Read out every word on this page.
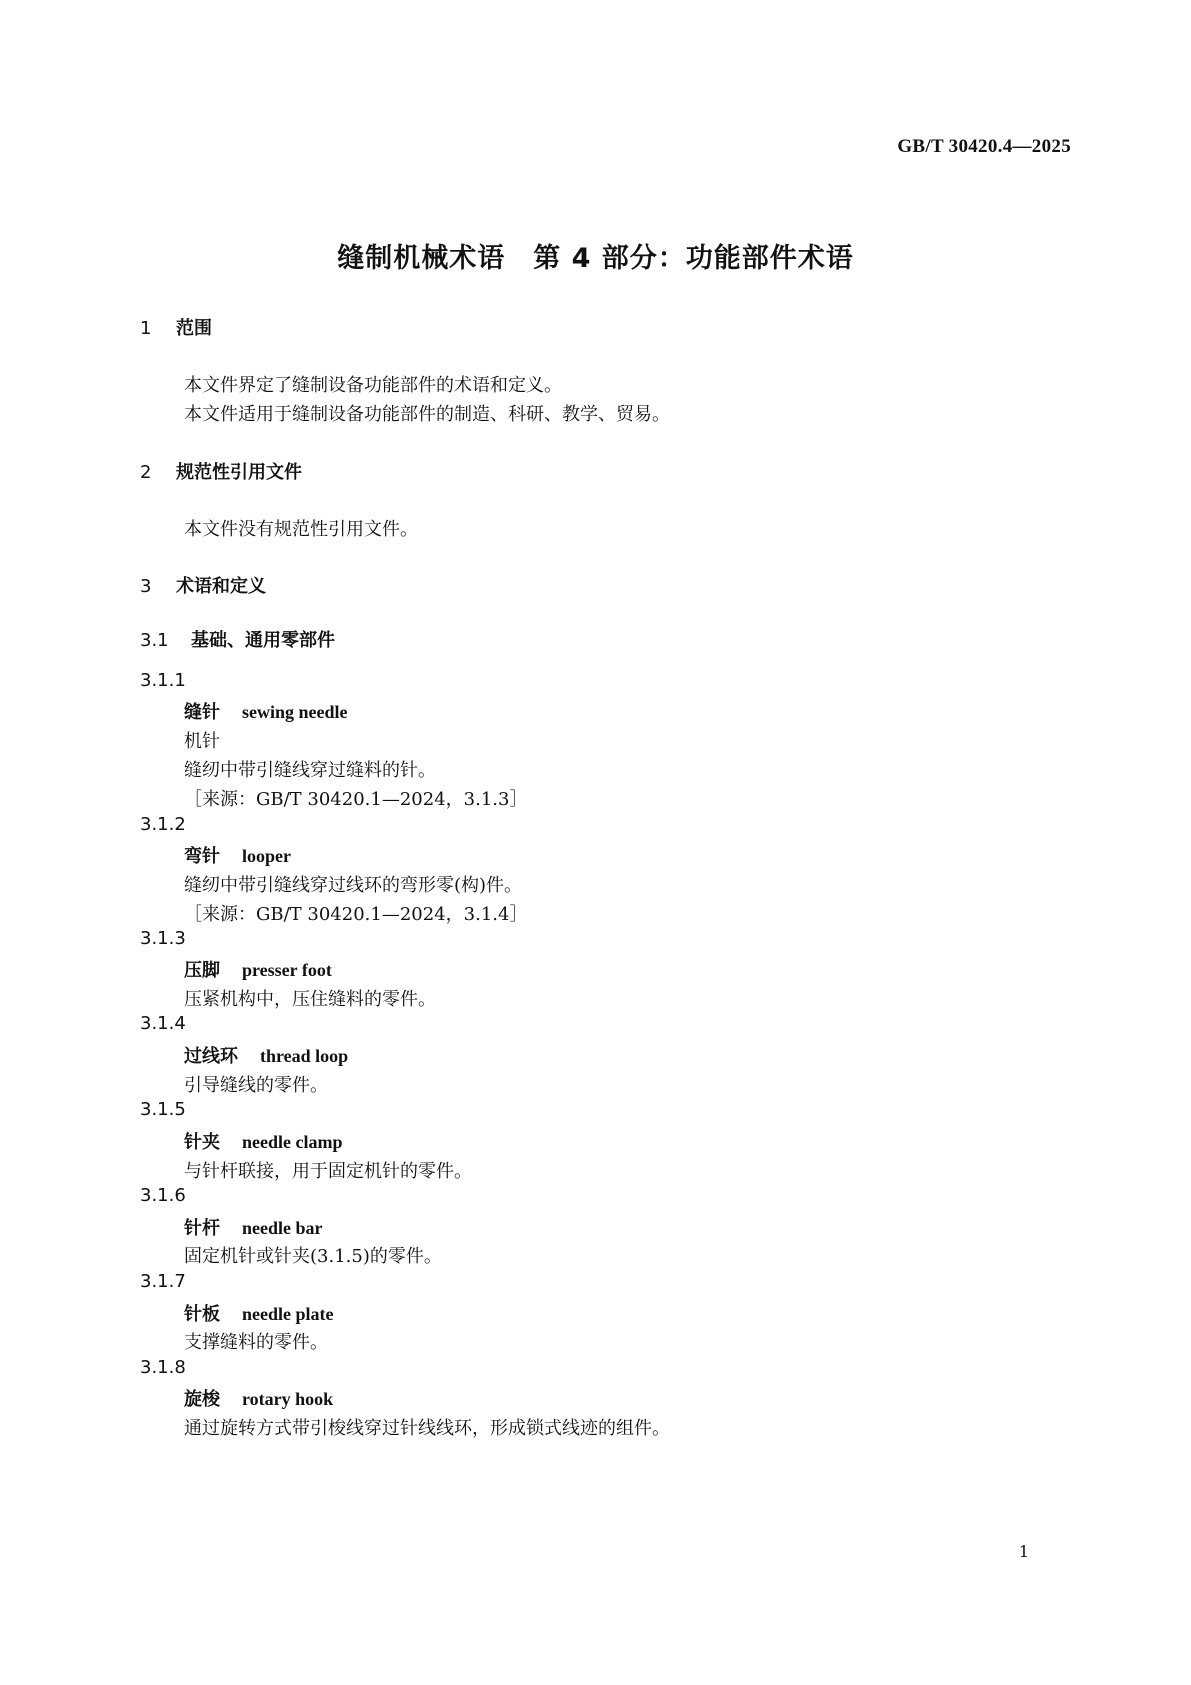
GB/T 30420.4—2025
缝制机械术语　第 4 部分：功能部件术语
1 范围
本文件界定了缝制设备功能部件的术语和定义。
本文件适用于缝制设备功能部件的制造、科研、教学、贸易。
2 规范性引用文件
本文件没有规范性引用文件。
3 术语和定义
3.1 基础、通用零部件
3.1.1
缝针 sewing needle
机针
缝纫中带引缝线穿过缝料的针。
［来源：GB/T 30420.1—2024，3.1.3］
3.1.2
弯针 looper
缝纫中带引缝线穿过线环的弯形零(构)件。
［来源：GB/T 30420.1—2024，3.1.4］
3.1.3
压脚 presser foot
压紧机构中，压住缝料的零件。
3.1.4
过线环 thread loop
引导缝线的零件。
3.1.5
针夹 needle clamp
与针杆联接，用于固定机针的零件。
3.1.6
针杆 needle bar
固定机针或针夹(3.1.5)的零件。
3.1.7
针板 needle plate
支撑缝料的零件。
3.1.8
旋梭 rotary hook
通过旋转方式带引梭线穿过针线线环，形成锁式线迹的组件。
1
